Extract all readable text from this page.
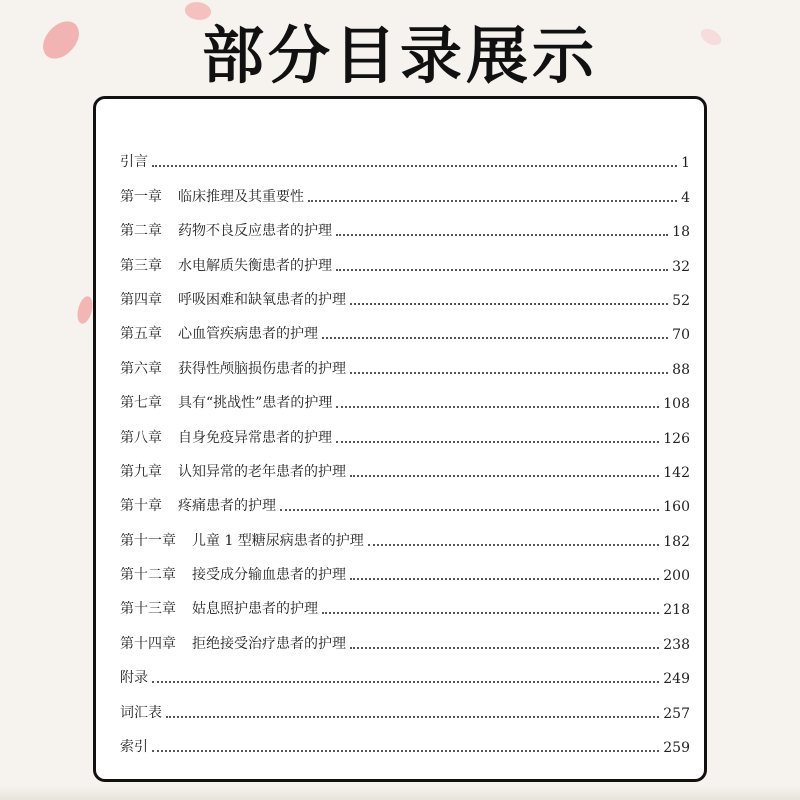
部分目录展示
引言	1
第一章	临床推理及其重要性	4
第二章	药物不良反应患者的护理	18
第三章	水电解质失衡患者的护理	32
第四章	呼吸困难和缺氧患者的护理	52
第五章	心血管疾病患者的护理	70
第六章	获得性颅脑损伤患者的护理	88
第七章	具有“挑战性”患者的护理	108
第八章	自身免疫异常患者的护理	126
第九章	认知异常的老年患者的护理	142
第十章	疼痛患者的护理	160
第十一章	儿童 1 型糖尿病患者的护理	182
第十二章	接受成分输血患者的护理	200
第十三章	姑息照护患者的护理	218
第十四章	拒绝接受治疗患者的护理	238
附录	249
词汇表	257
索引	259
